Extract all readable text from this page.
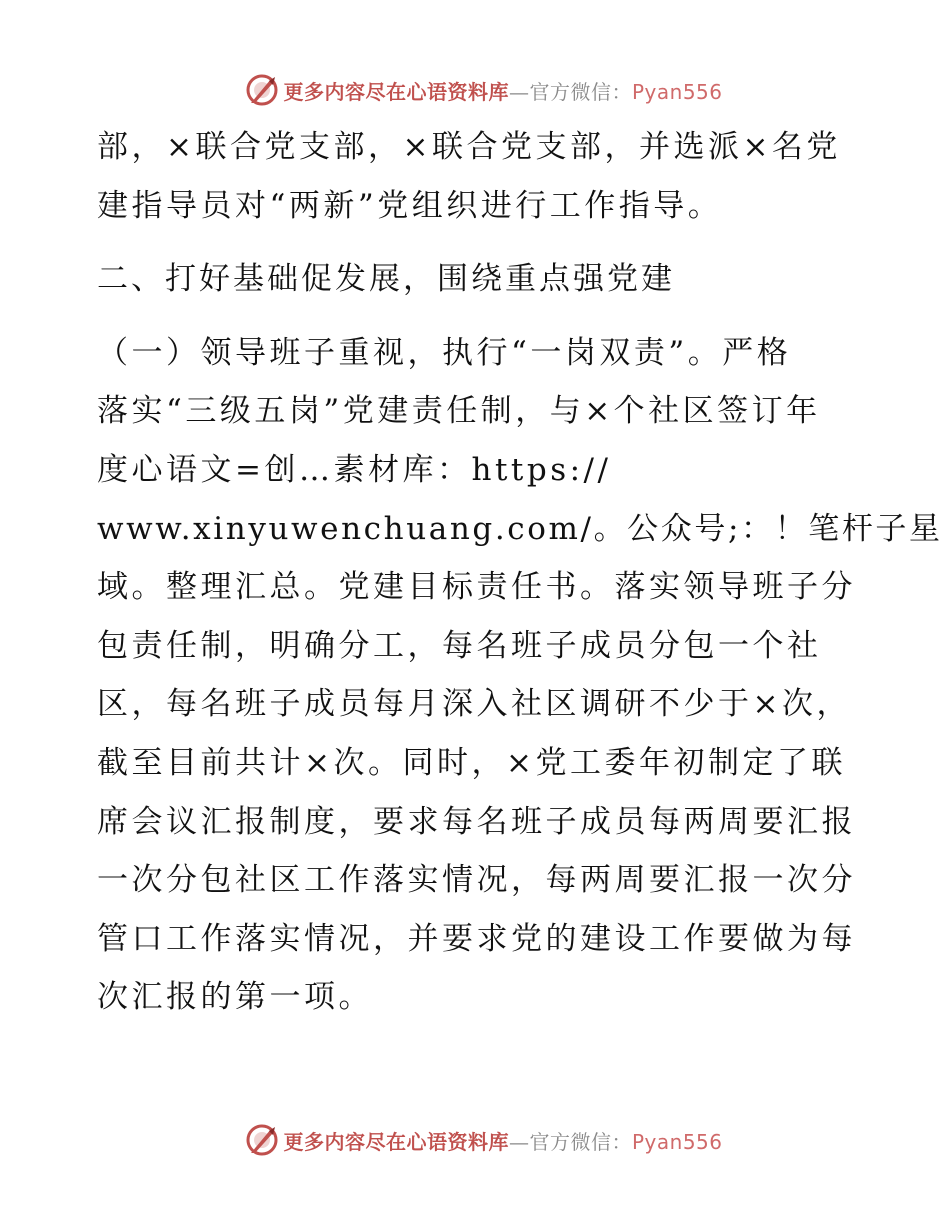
更多内容尽在心语资料库—官方微信：Pyan556
部，×联合党支部，×联合党支部，并选派×名党
建指导员对“两新”党组织进行工作指导。
二、打好基础促发展，围绕重点强党建
（一）领导班子重视，执行“一岗双责”。严格
落实“三级五岗”党建责任制，与×个社区签订年
度心语文=创…素材库：https://
www.xinyuwenchuang.com/。公众号;：！笔杆子星
域。整理汇总。党建目标责任书。落实领导班子分
包责任制，明确分工，每名班子成员分包一个社
区，每名班子成员每月深入社区调研不少于×次，
截至目前共计×次。同时，×党工委年初制定了联
席会议汇报制度，要求每名班子成员每两周要汇报
一次分包社区工作落实情况，每两周要汇报一次分
管口工作落实情况，并要求党的建设工作要做为每
次汇报的第一项。
更多内容尽在心语资料库—官方微信：Pyan556
